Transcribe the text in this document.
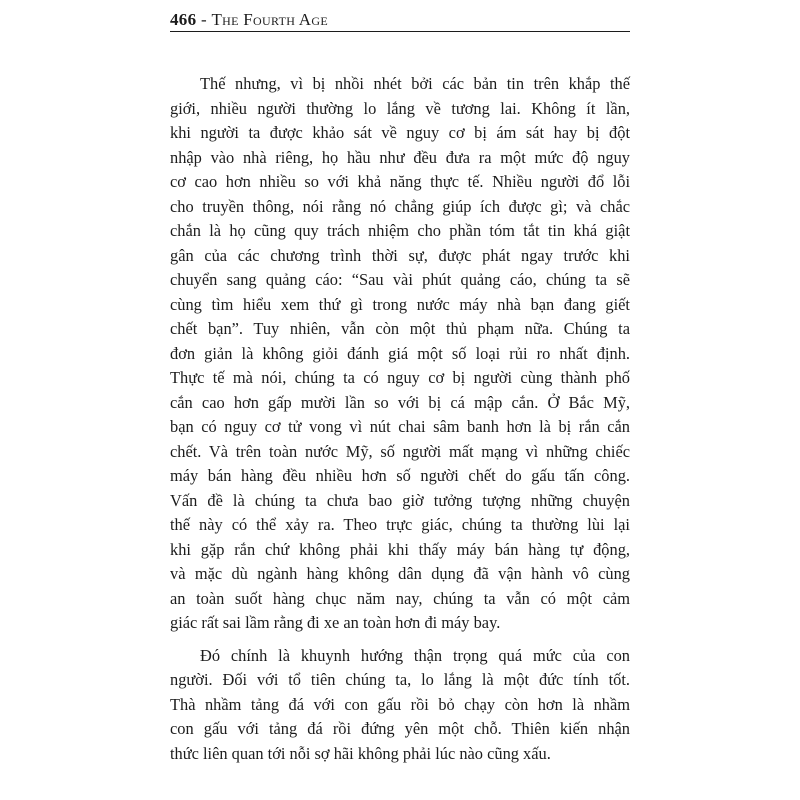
466 - The Fourth Age
Thế nhưng, vì bị nhồi nhét bởi các bản tin trên khắp thế
giới, nhiều người thường lo lắng về tương lai. Không ít lần,
khi người ta được khảo sát về nguy cơ bị ám sát hay bị đột
nhập vào nhà riêng, họ hầu như đều đưa ra một mức độ nguy
cơ cao hơn nhiều so với khả năng thực tế. Nhiều người đổ lỗi
cho truyền thông, nói rằng nó chẳng giúp ích được gì; và chắc
chắn là họ cũng quy trách nhiệm cho phần tóm tắt tin khá giật
gân của các chương trình thời sự, được phát ngay trước khi
chuyển sang quảng cáo: “Sau vài phút quảng cáo, chúng ta sẽ
cùng tìm hiểu xem thứ gì trong nước máy nhà bạn đang giết
chết bạn”. Tuy nhiên, vẫn còn một thủ phạm nữa. Chúng ta
đơn giản là không giỏi đánh giá một số loại rủi ro nhất định.
Thực tế mà nói, chúng ta có nguy cơ bị người cùng thành phố
cắn cao hơn gấp mười lần so với bị cá mập cắn. Ở Bắc Mỹ,
bạn có nguy cơ tử vong vì nút chai sâm banh hơn là bị rắn cắn
chết. Và trên toàn nước Mỹ, số người mất mạng vì những chiếc
máy bán hàng đều nhiều hơn số người chết do gấu tấn công.
Vấn đề là chúng ta chưa bao giờ tưởng tượng những chuyện
thế này có thể xảy ra. Theo trực giác, chúng ta thường lùi lại
khi gặp rắn chứ không phải khi thấy máy bán hàng tự động,
và mặc dù ngành hàng không dân dụng đã vận hành vô cùng
an toàn suốt hàng chục năm nay, chúng ta vẫn có một cảm
giác rất sai lầm rằng đi xe an toàn hơn đi máy bay.
Đó chính là khuynh hướng thận trọng quá mức của con
người. Đối với tổ tiên chúng ta, lo lắng là một đức tính tốt.
Thà nhầm tảng đá với con gấu rồi bỏ chạy còn hơn là nhầm
con gấu với tảng đá rồi đứng yên một chỗ. Thiên kiến nhận
thức liên quan tới nỗi sợ hãi không phải lúc nào cũng xấu.
